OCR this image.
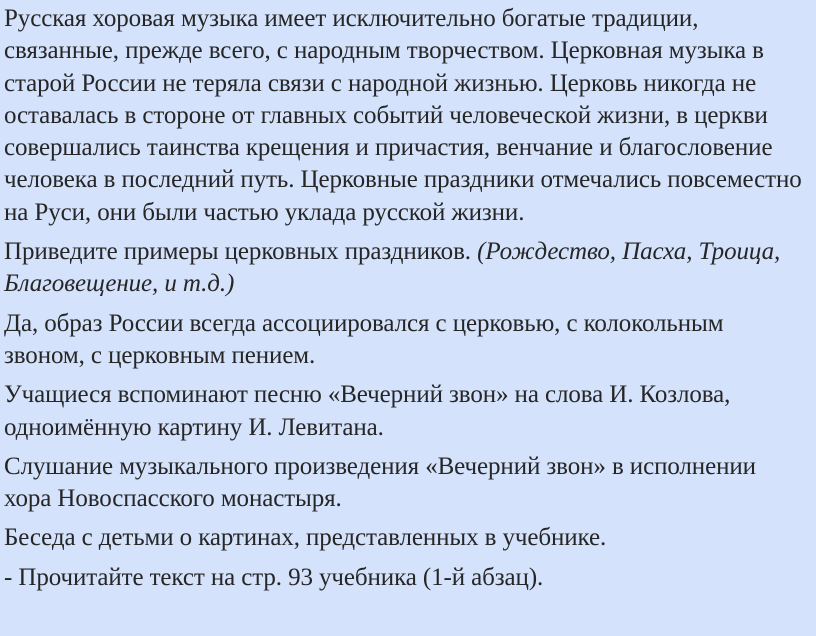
Русская хоровая музыка имеет исключительно богатые традиции, связанные, прежде всего, с народным творчеством. Церковная музыка в старой России не теряла связи с народной жизнью. Церковь никогда не оставалась в стороне от главных событий человеческой жизни, в церкви совершались таинства крещения и причастия, венчание и благословение человека в последний путь. Церковные праздники отмечались повсеместно на Руси, они были частью уклада русской жизни.

Приведите примеры церковных праздников. (Рождество, Пасха, Троица, Благовещение, и т.д.)

Да, образ России всегда ассоциировался с церковью, с колокольным звоном, с церковным пением.

Учащиеся вспоминают песню «Вечерний звон» на слова И. Козлова, одноимённую картину И. Левитана.

Слушание музыкального произведения «Вечерний звон» в исполнении хора Новоспасского монастыря.

Беседа с детьми о картинах, представленных в учебнике.

- Прочитайте текст на стр. 93 учебника (1-й абзац).
